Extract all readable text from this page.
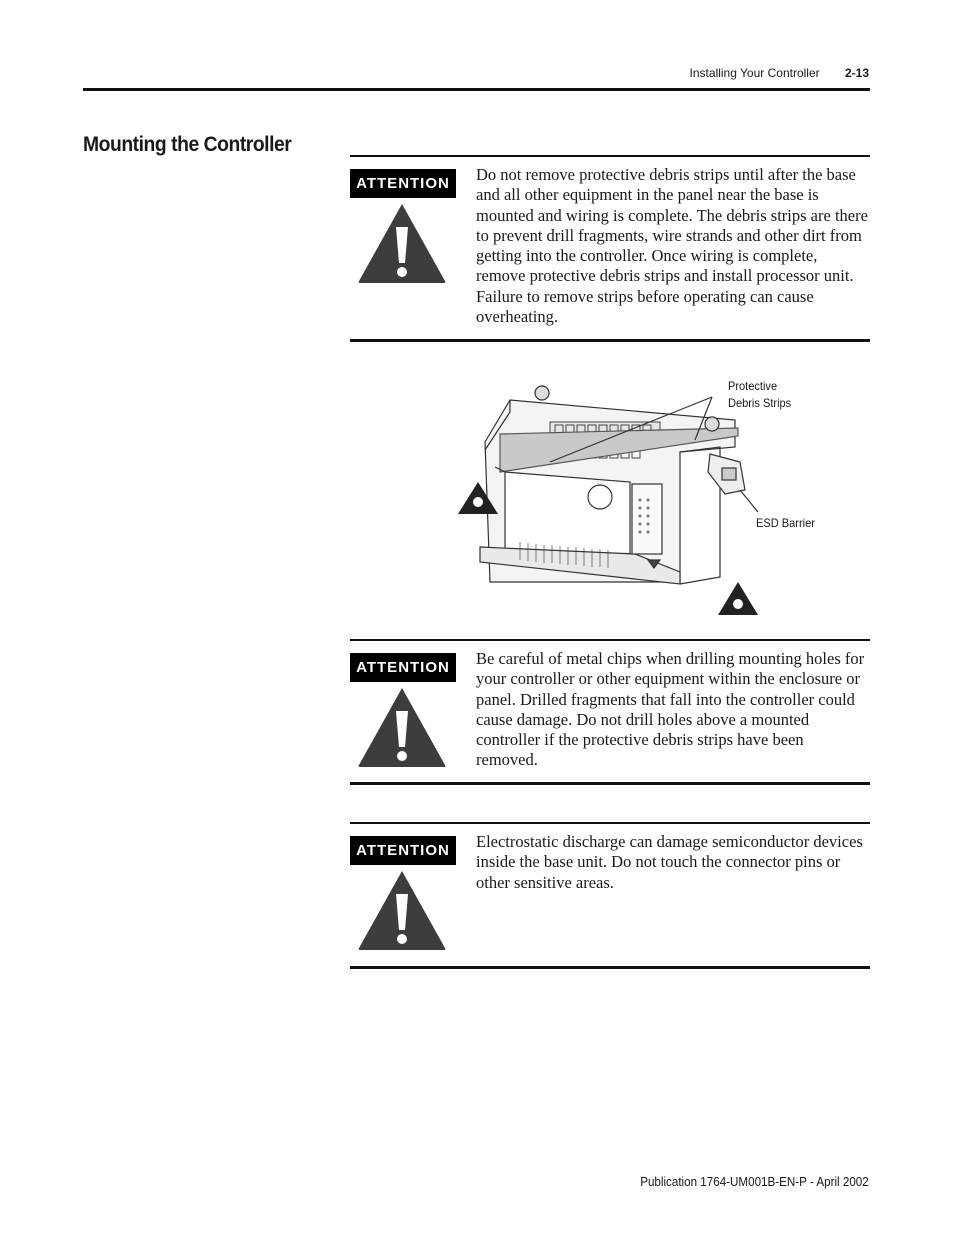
Installing Your Controller 2-13
Mounting the Controller
ATTENTION	Do not remove protective debris strips until after the base and all other equipment in the panel near the base is mounted and wiring is complete. The debris strips are there to prevent drill fragments, wire strands and other dirt from getting into the controller. Once wiring is complete, remove protective debris strips and install processor unit. Failure to remove strips before operating can cause overheating.
Protective
Debris Strips
ESD Barrier
ATTENTION	Be careful of metal chips when drilling mounting holes for your controller or other equipment within the enclosure or panel. Drilled fragments that fall into the controller could cause damage. Do not drill holes above a mounted controller if the protective debris strips have been removed.
ATTENTION	Electrostatic discharge can damage semiconductor devices inside the base unit. Do not touch the connector pins or other sensitive areas.
Publication 1764-UM001B-EN-P - April 2002
